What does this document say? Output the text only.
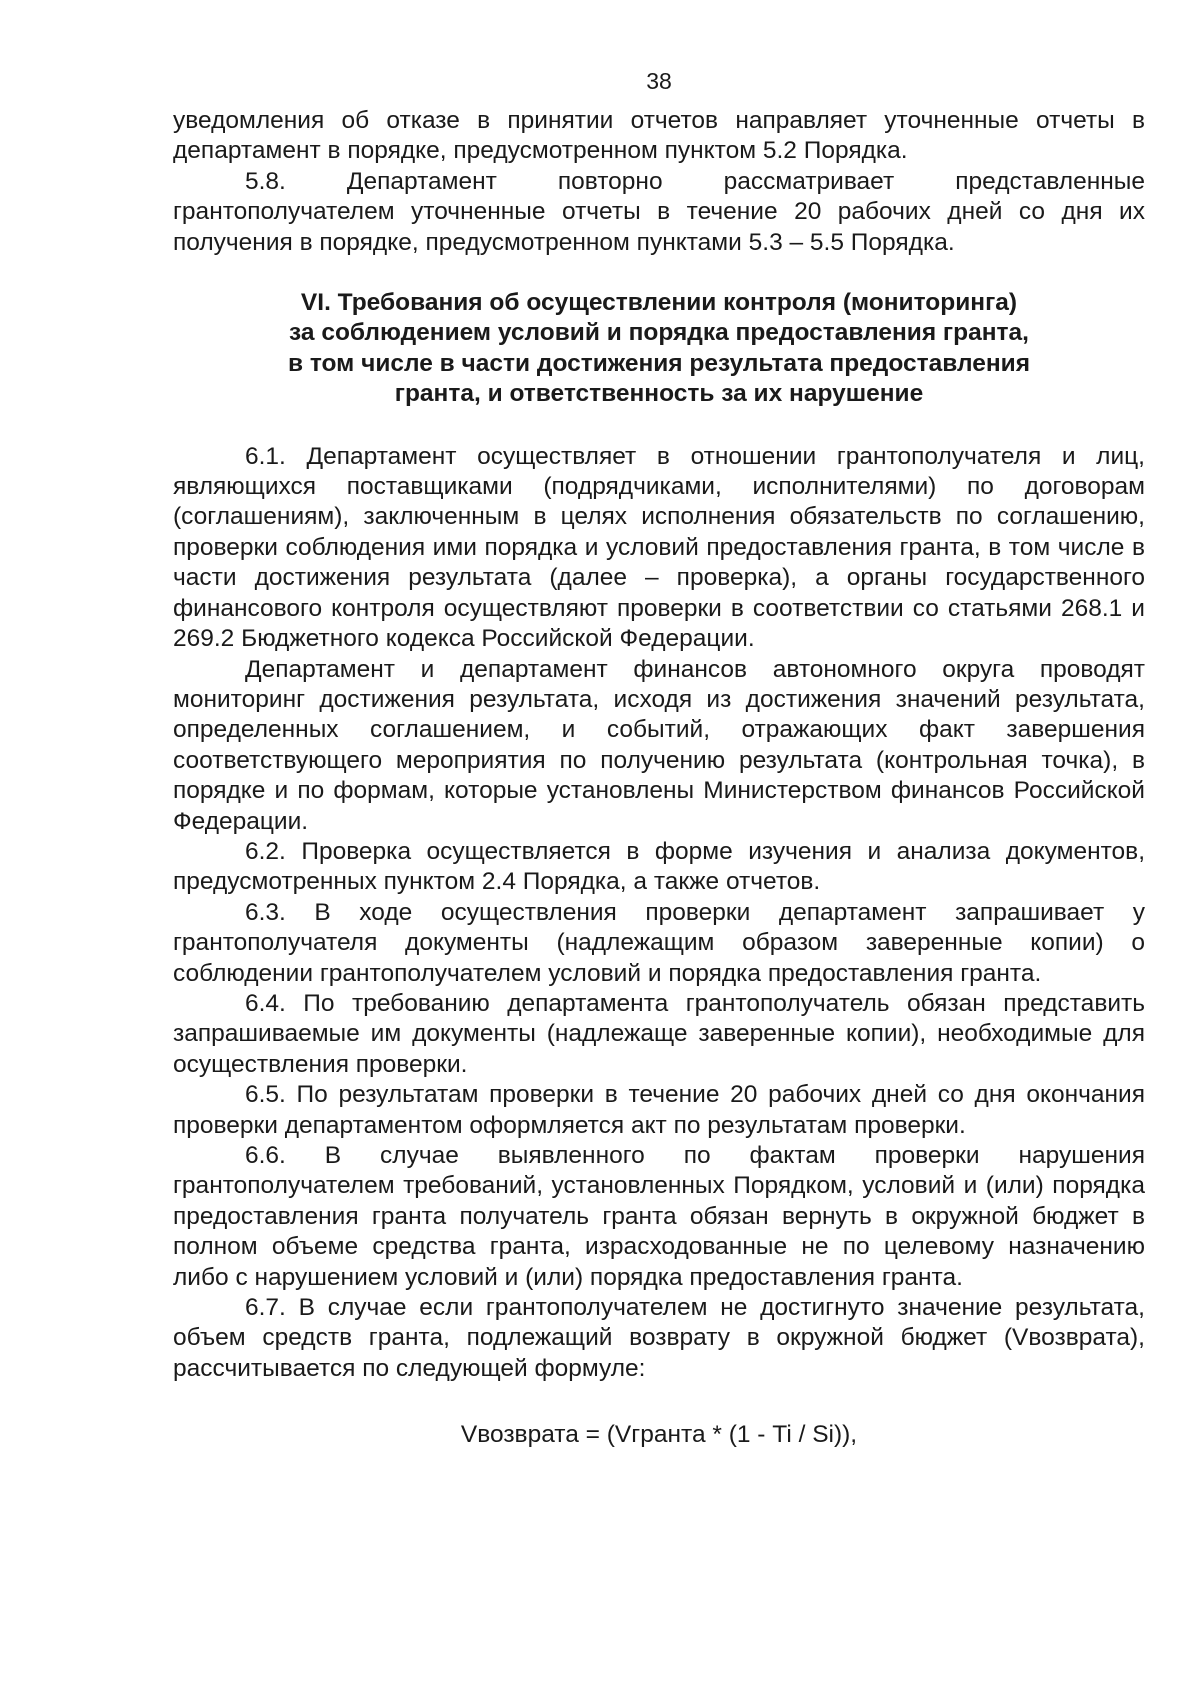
38

уведомления об отказе в принятии отчетов направляет уточненные отчеты в департамент в порядке, предусмотренном пунктом 5.2 Порядка.

5.8. Департамент повторно рассматривает представленные грантополучателем уточненные отчеты в течение 20 рабочих дней со дня их получения в порядке, предусмотренном пунктами 5.3 – 5.5 Порядка.

VI. Требования об осуществлении контроля (мониторинга)
за соблюдением условий и порядка предоставления гранта,
в том числе в части достижения результата предоставления
гранта, и ответственность за их нарушение

6.1. Департамент осуществляет в отношении грантополучателя и лиц, являющихся поставщиками (подрядчиками, исполнителями) по договорам (соглашениям), заключенным в целях исполнения обязательств по соглашению, проверки соблюдения ими порядка и условий предоставления гранта, в том числе в части достижения результата (далее – проверка), а органы государственного финансового контроля осуществляют проверки в соответствии со статьями 268.1 и 269.2 Бюджетного кодекса Российской Федерации.

Департамент и департамент финансов автономного округа проводят мониторинг достижения результата, исходя из достижения значений результата, определенных соглашением, и событий, отражающих факт завершения соответствующего мероприятия по получению результата (контрольная точка), в порядке и по формам, которые установлены Министерством финансов Российской Федерации.

6.2. Проверка осуществляется в форме изучения и анализа документов, предусмотренных пунктом 2.4 Порядка, а также отчетов.

6.3. В ходе осуществления проверки департамент запрашивает у грантополучателя документы (надлежащим образом заверенные копии) о соблюдении грантополучателем условий и порядка предоставления гранта.

6.4. По требованию департамента грантополучатель обязан представить запрашиваемые им документы (надлежаще заверенные копии), необходимые для осуществления проверки.

6.5. По результатам проверки в течение 20 рабочих дней со дня окончания проверки департаментом оформляется акт по результатам проверки.

6.6. В случае выявленного по фактам проверки нарушения грантополучателем требований, установленных Порядком, условий и (или) порядка предоставления гранта получатель гранта обязан вернуть в окружной бюджет в полном объеме средства гранта, израсходованные не по целевому назначению либо с нарушением условий и (или) порядка предоставления гранта.

6.7. В случае если грантополучателем не достигнуто значение результата, объем средств гранта, подлежащий возврату в окружной бюджет (Vвозврата), рассчитывается по следующей формуле:

Vвозврата = (Vгранта * (1 - Ti / Si)),
